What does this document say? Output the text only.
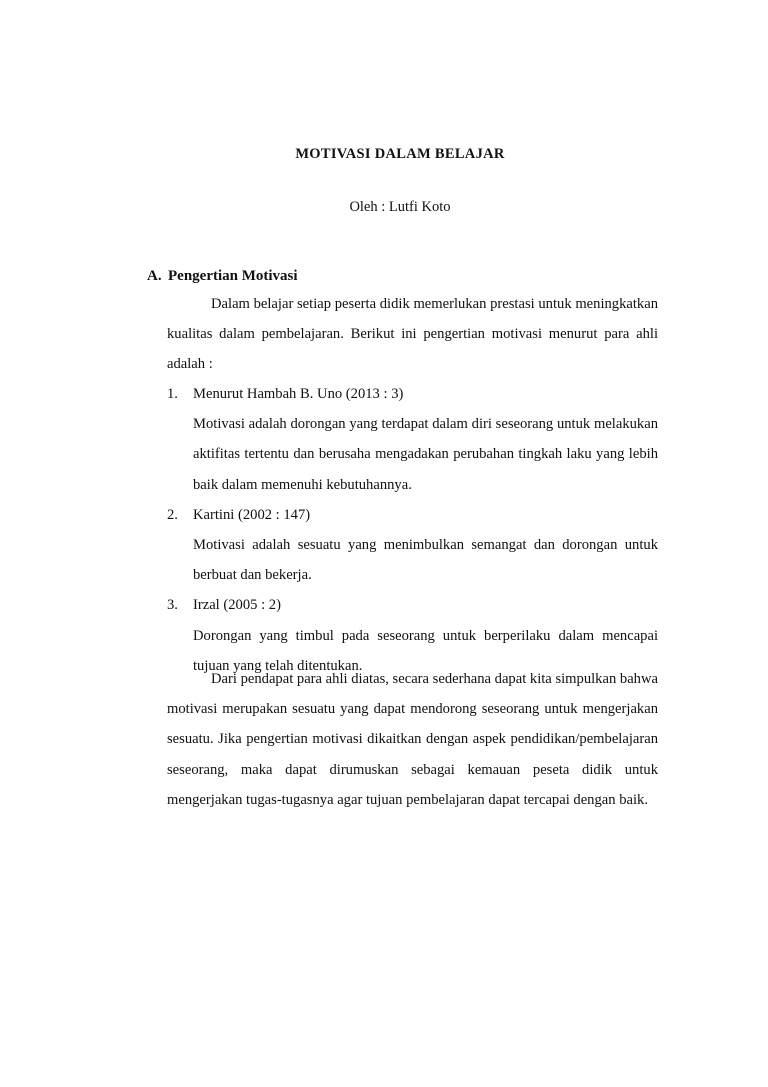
MOTIVASI DALAM BELAJAR
Oleh : Lutfi Koto
A. Pengertian Motivasi

Dalam belajar setiap peserta didik memerlukan prestasi untuk meningkatkan kualitas dalam pembelajaran. Berikut ini pengertian motivasi menurut para ahli adalah :

1. Menurut Hambah B. Uno (2013 : 3)
Motivasi adalah dorongan yang terdapat dalam diri seseorang untuk melakukan aktifitas tertentu dan berusaha mengadakan perubahan tingkah laku yang lebih baik dalam memenuhi kebutuhannya.
2. Kartini (2002 : 147)
Motivasi adalah sesuatu yang menimbulkan semangat dan dorongan untuk berbuat dan bekerja.
3. Irzal (2005 : 2)
Dorongan yang timbul pada seseorang untuk berperilaku dalam mencapai tujuan yang telah ditentukan.

Dari pendapat para ahli diatas, secara sederhana dapat kita simpulkan bahwa motivasi merupakan sesuatu yang dapat mendorong seseorang untuk mengerjakan sesuatu. Jika pengertian motivasi dikaitkan dengan aspek pendidikan/pembelajaran seseorang, maka dapat dirumuskan sebagai kemauan peseta didik untuk mengerjakan tugas-tugasnya agar tujuan pembelajaran dapat tercapai dengan baik.
